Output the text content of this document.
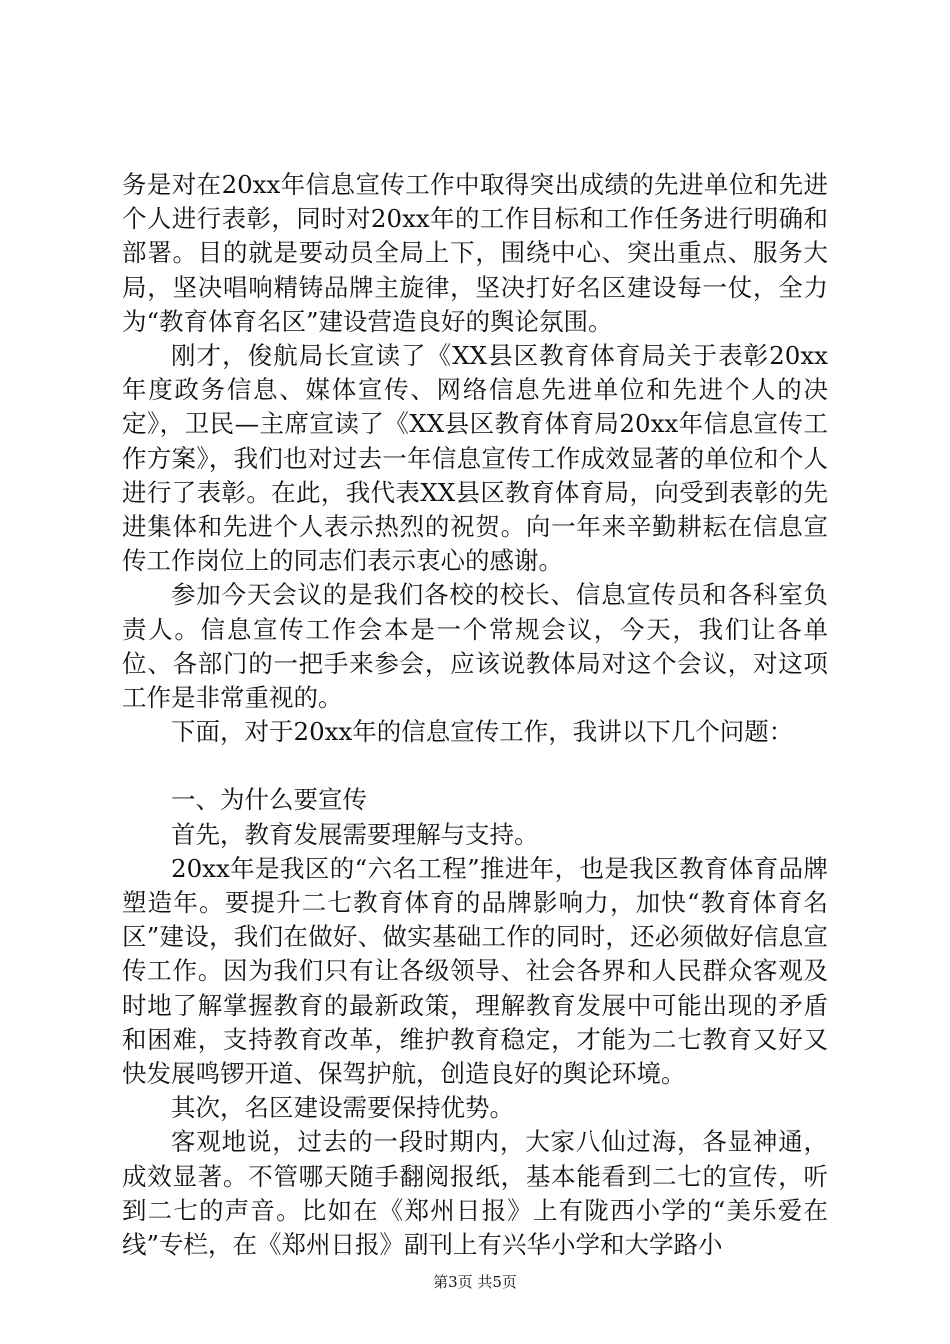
务是对在20xx年信息宣传工作中取得突出成绩的先进单位和先进个人进行表彰，同时对20xx年的工作目标和工作任务进行明确和部署。目的就是要动员全局上下，围绕中心、突出重点、服务大局，坚决唱响精铸品牌主旋律，坚决打好名区建设每一仗，全力为“教育体育名区”建设营造良好的舆论氛围。

刚才，俊航局长宣读了《XX县区教育体育局关于表彰20xx年度政务信息、媒体宣传、网络信息先进单位和先进个人的决定》，卫民—主席宣读了《XX县区教育体育局20xx年信息宣传工作方案》，我们也对过去一年信息宣传工作成效显著的单位和个人进行了表彰。在此，我代表XX县区教育体育局，向受到表彰的先进集体和先进个人表示热烈的祝贺。向一年来辛勤耕耘在信息宣传工作岗位上的同志们表示衷心的感谢。

参加今天会议的是我们各校的校长、信息宣传员和各科室负责人。信息宣传工作会本是一个常规会议，今天，我们让各单位、各部门的一把手来参会，应该说教体局对这个会议，对这项工作是非常重视的。

下面，对于20xx年的信息宣传工作，我讲以下几个问题：

一、为什么要宣传

首先，教育发展需要理解与支持。

20xx年是我区的“六名工程”推进年，也是我区教育体育品牌塑造年。要提升二七教育体育的品牌影响力，加快“教育体育名区”建设，我们在做好、做实基础工作的同时，还必须做好信息宣传工作。因为我们只有让各级领导、社会各界和人民群众客观及时地了解掌握教育的最新政策，理解教育发展中可能出现的矛盾和困难，支持教育改革，维护教育稳定，才能为二七教育又好又快发展鸣锣开道、保驾护航，创造良好的舆论环境。

其次，名区建设需要保持优势。

客观地说，过去的一段时期内，大家八仙过海，各显神通，成效显著。不管哪天随手翻阅报纸，基本能看到二七的宣传，听到二七的声音。比如在《郑州日报》上有陇西小学的“美乐爱在线”专栏，在《郑州日报》副刊上有兴华小学和大学路小

第3页 共5页
